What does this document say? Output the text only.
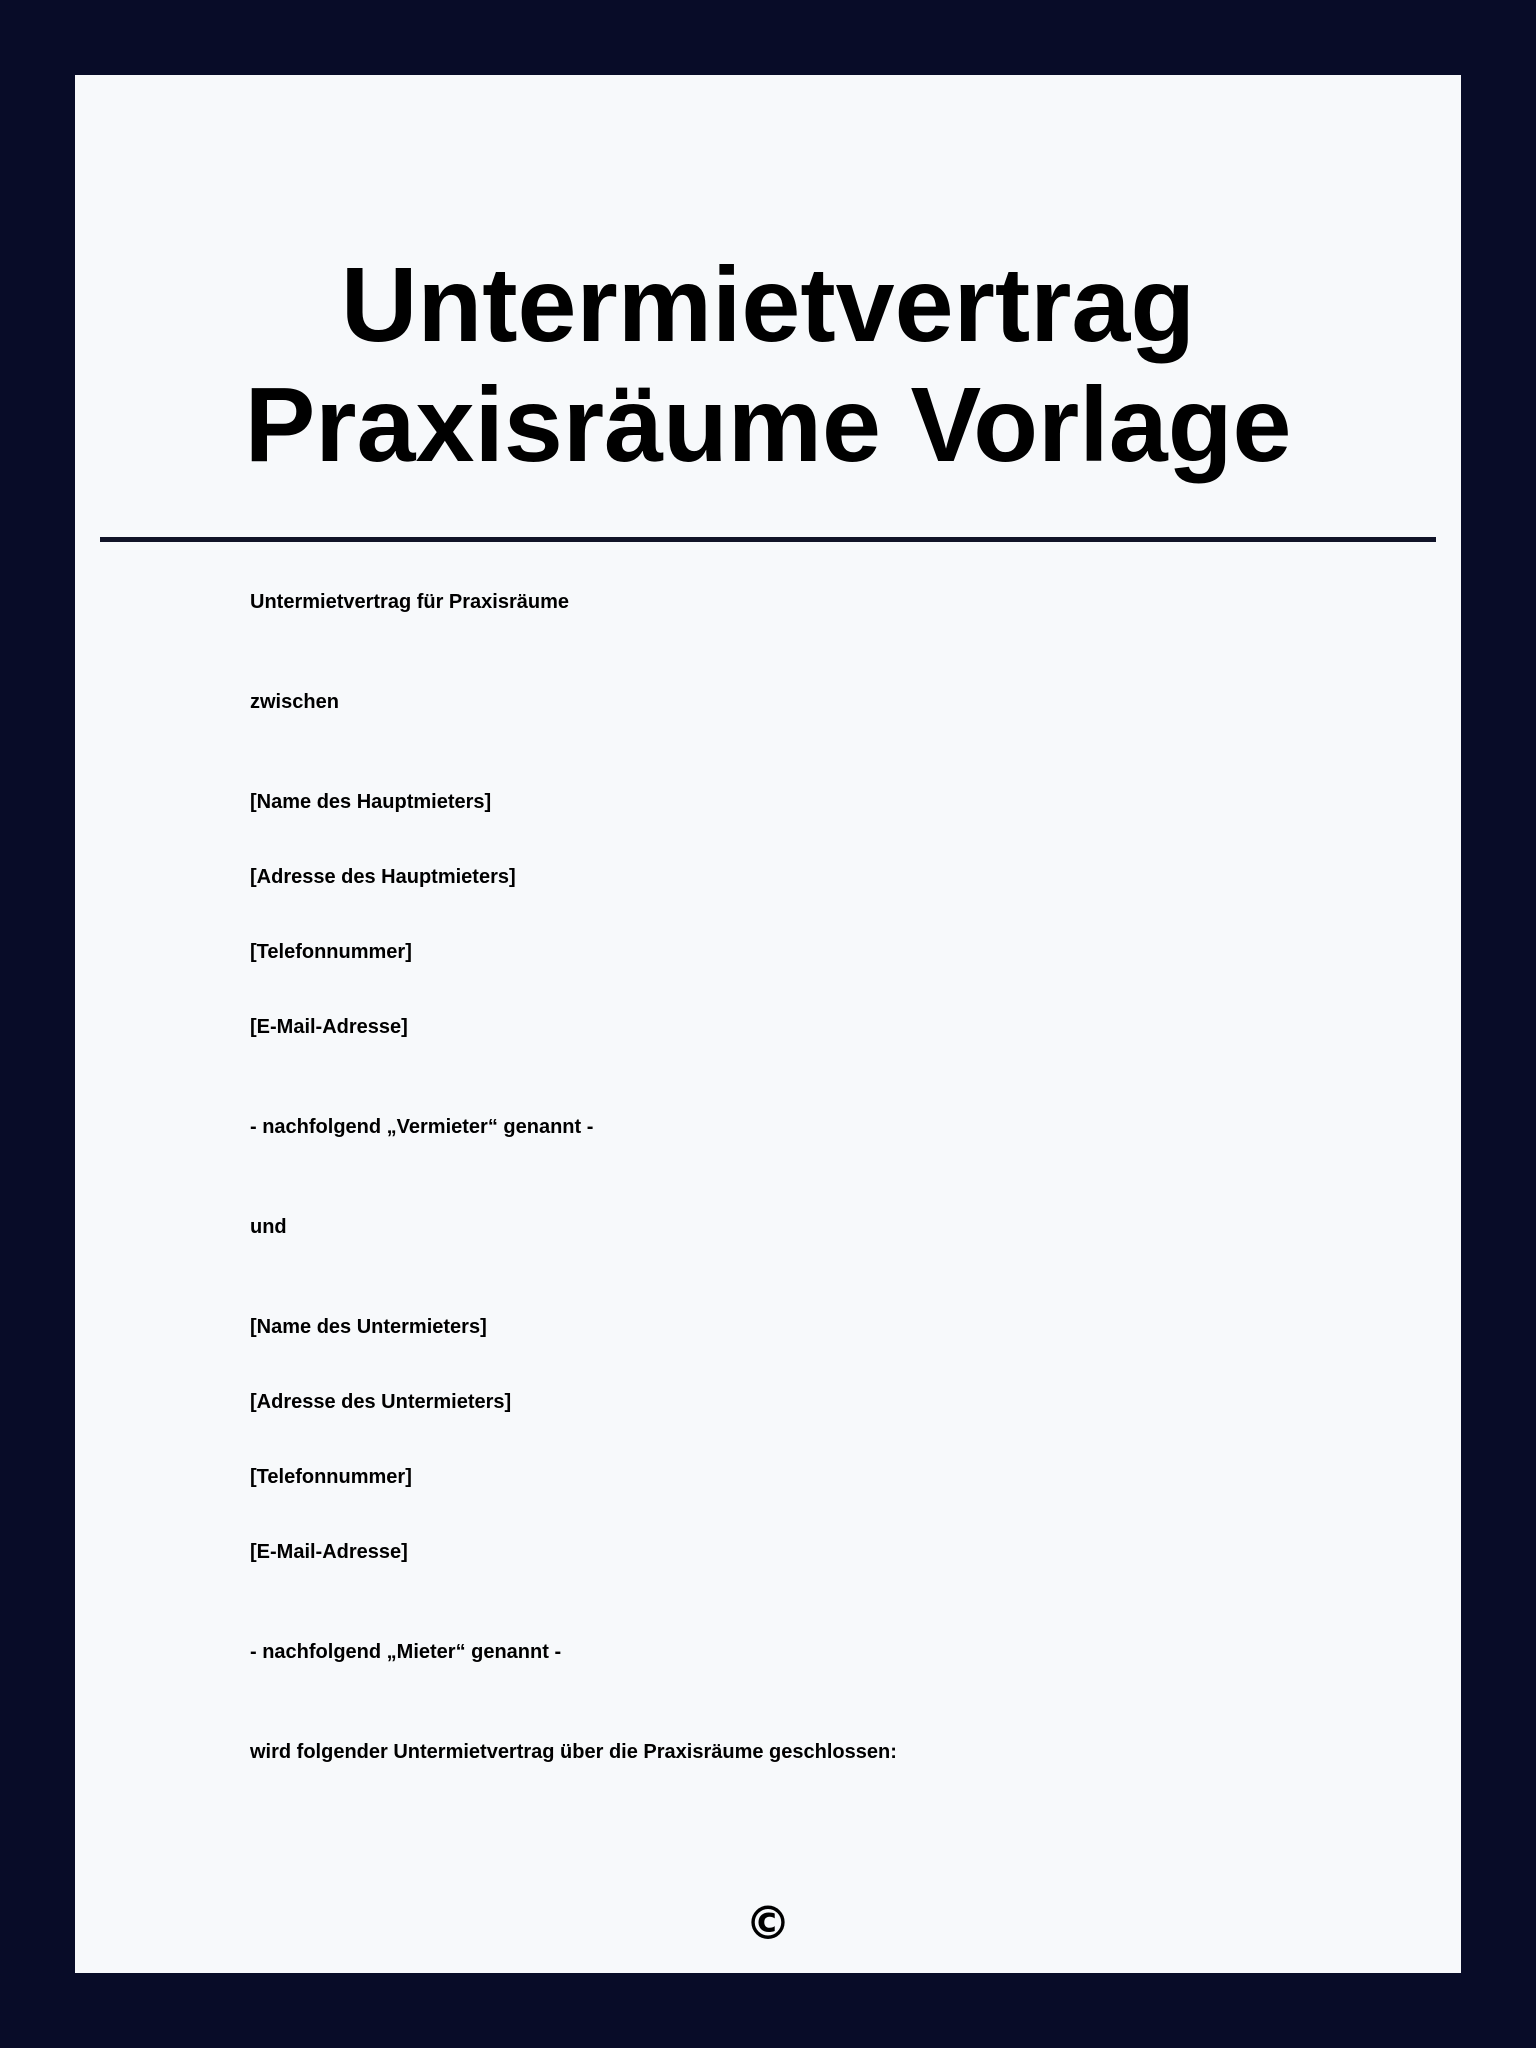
Untermietvertrag
Praxisräume Vorlage

Untermietvertrag für Praxisräume

zwischen

[Name des Hauptmieters]

[Adresse des Hauptmieters]

[Telefonnummer]

[E-Mail-Adresse]

- nachfolgend „Vermieter“ genannt -

und

[Name des Untermieters]

[Adresse des Untermieters]

[Telefonnummer]

[E-Mail-Adresse]

- nachfolgend „Mieter“ genannt -

wird folgender Untermietvertrag über die Praxisräume geschlossen:

©
